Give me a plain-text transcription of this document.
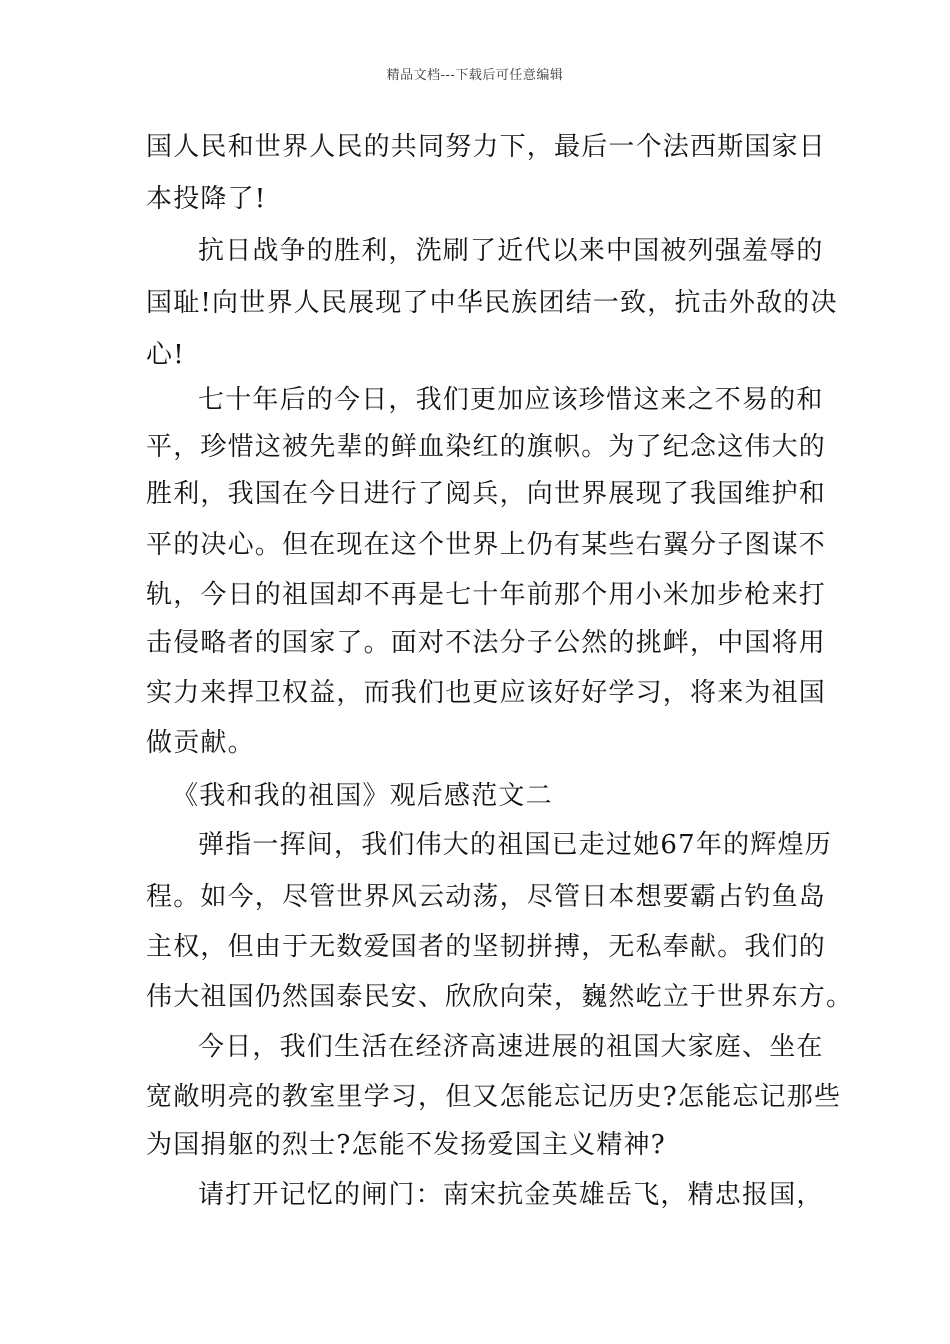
精品文档---下载后可任意编辑
国人民和世界人民的共同努力下，最后一个法西斯国家日
本投降了!
抗日战争的胜利，洗刷了近代以来中国被列强羞辱的
国耻!向世界人民展现了中华民族团结一致，抗击外敌的决
心!
七十年后的今日，我们更加应该珍惜这来之不易的和
平，珍惜这被先辈的鲜血染红的旗帜。为了纪念这伟大的
胜利，我国在今日进行了阅兵，向世界展现了我国维护和
平的决心。但在现在这个世界上仍有某些右翼分子图谋不
轨，今日的祖国却不再是七十年前那个用小米加步枪来打
击侵略者的国家了。面对不法分子公然的挑衅，中国将用
实力来捍卫权益，而我们也更应该好好学习，将来为祖国
做贡献。
《我和我的祖国》观后感范文二
弹指一挥间，我们伟大的祖国已走过她67年的辉煌历
程。如今，尽管世界风云动荡，尽管日本想要霸占钓鱼岛
主权，但由于无数爱国者的坚韧拼搏，无私奉献。我们的
伟大祖国仍然国泰民安、欣欣向荣，巍然屹立于世界东方。
今日，我们生活在经济高速进展的祖国大家庭、坐在
宽敞明亮的教室里学习，但又怎能忘记历史?怎能忘记那些
为国捐躯的烈士?怎能不发扬爱国主义精神?
请打开记忆的闸门：南宋抗金英雄岳飞，精忠报国，
